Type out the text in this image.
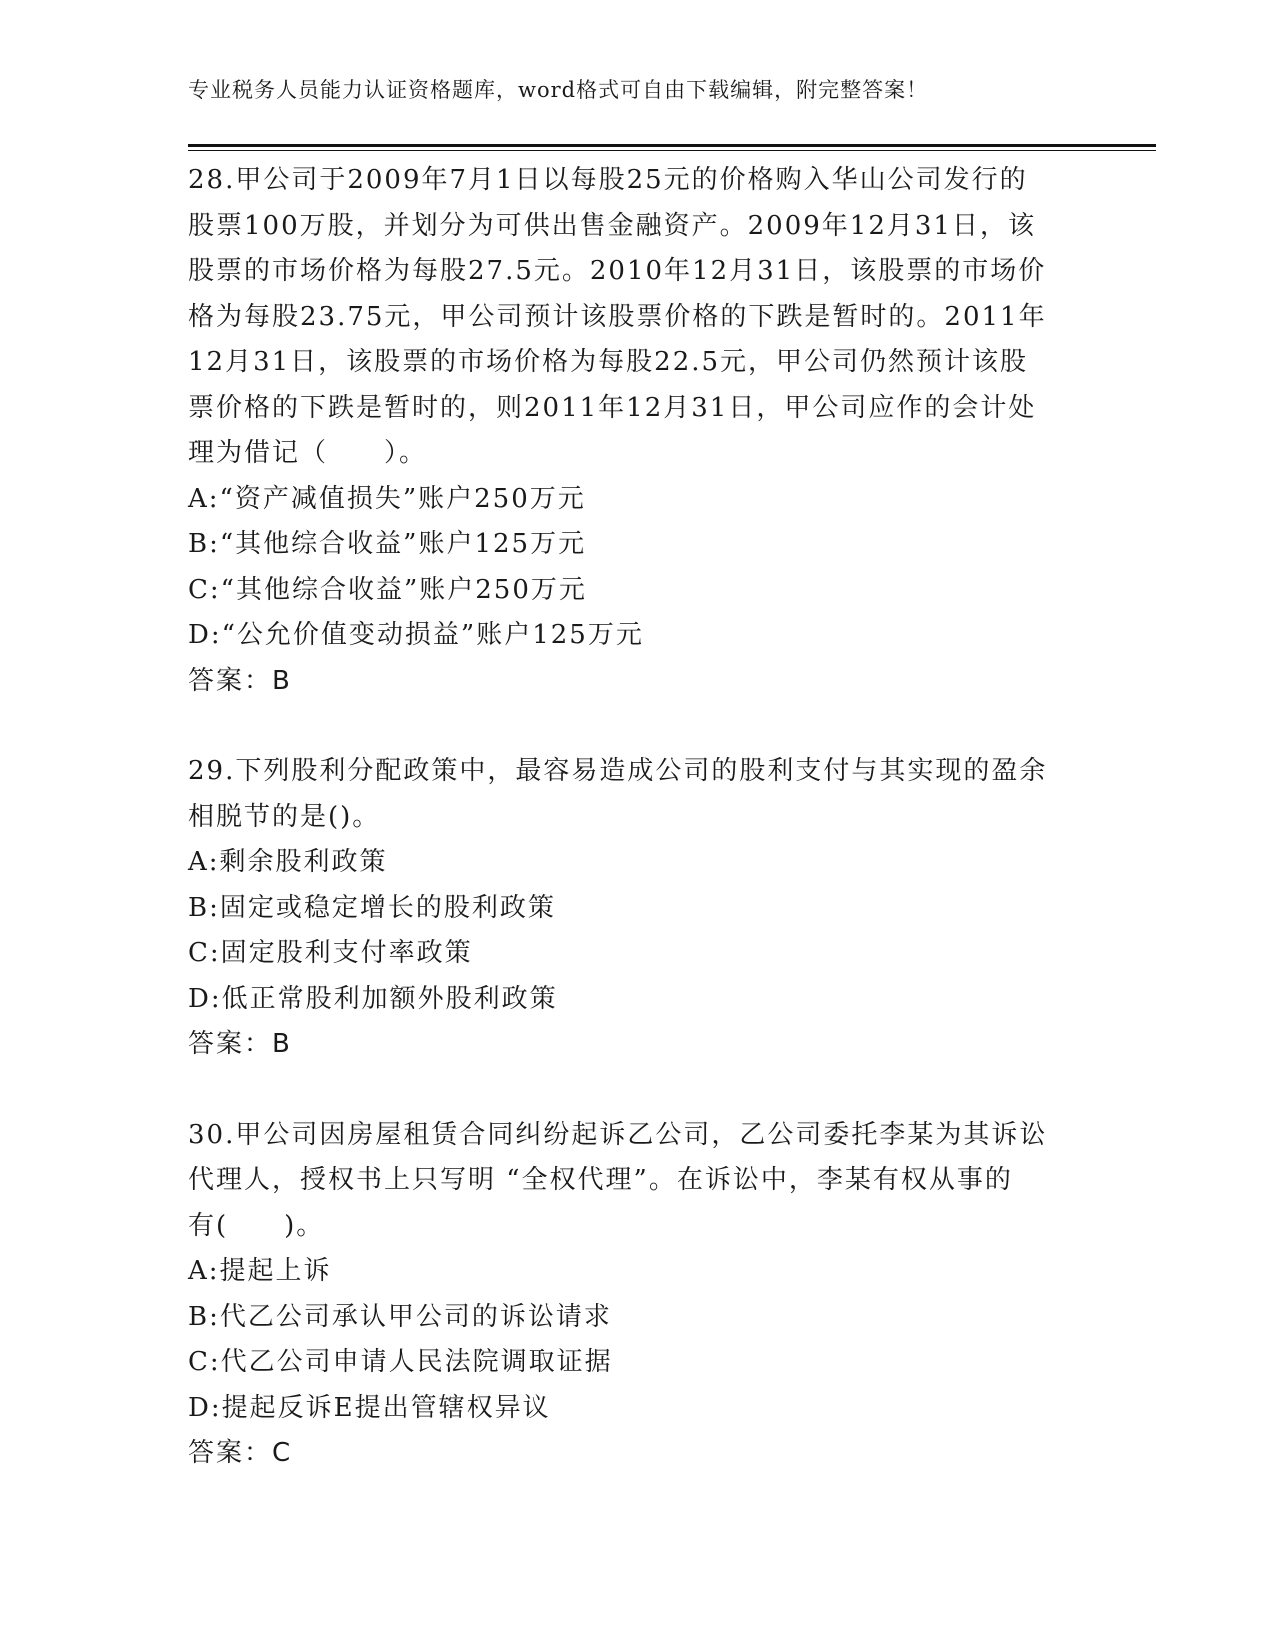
专业税务人员能力认证资格题库，word格式可自由下载编辑，附完整答案！
28.甲公司于2009年7月1日以每股25元的价格购入华山公司发行的
股票100万股，并划分为可供出售金融资产。2009年12月31日，该
股票的市场价格为每股27.5元。2010年12月31日，该股票的市场价
格为每股23.75元，甲公司预计该股票价格的下跌是暂时的。2011年
12月31日，该股票的市场价格为每股22.5元，甲公司仍然预计该股
票价格的下跌是暂时的，则2011年12月31日，甲公司应作的会计处
理为借记（　　）。
A:“资产减值损失”账户250万元
B:“其他综合收益”账户125万元
C:“其他综合收益”账户250万元
D:“公允价值变动损益”账户125万元
答案：B
29.下列股利分配政策中，最容易造成公司的股利支付与其实现的盈余
相脱节的是()。
A:剩余股利政策
B:固定或稳定增长的股利政策
C:固定股利支付率政策
D:低正常股利加额外股利政策
答案：B
30.甲公司因房屋租赁合同纠纷起诉乙公司，乙公司委托李某为其诉讼
代理人，授权书上只写明 “全权代理”。在诉讼中，李某有权从事的
有(　　)。
A:提起上诉
B:代乙公司承认甲公司的诉讼请求
C:代乙公司申请人民法院调取证据
D:提起反诉E提出管辖权异议
答案：C
